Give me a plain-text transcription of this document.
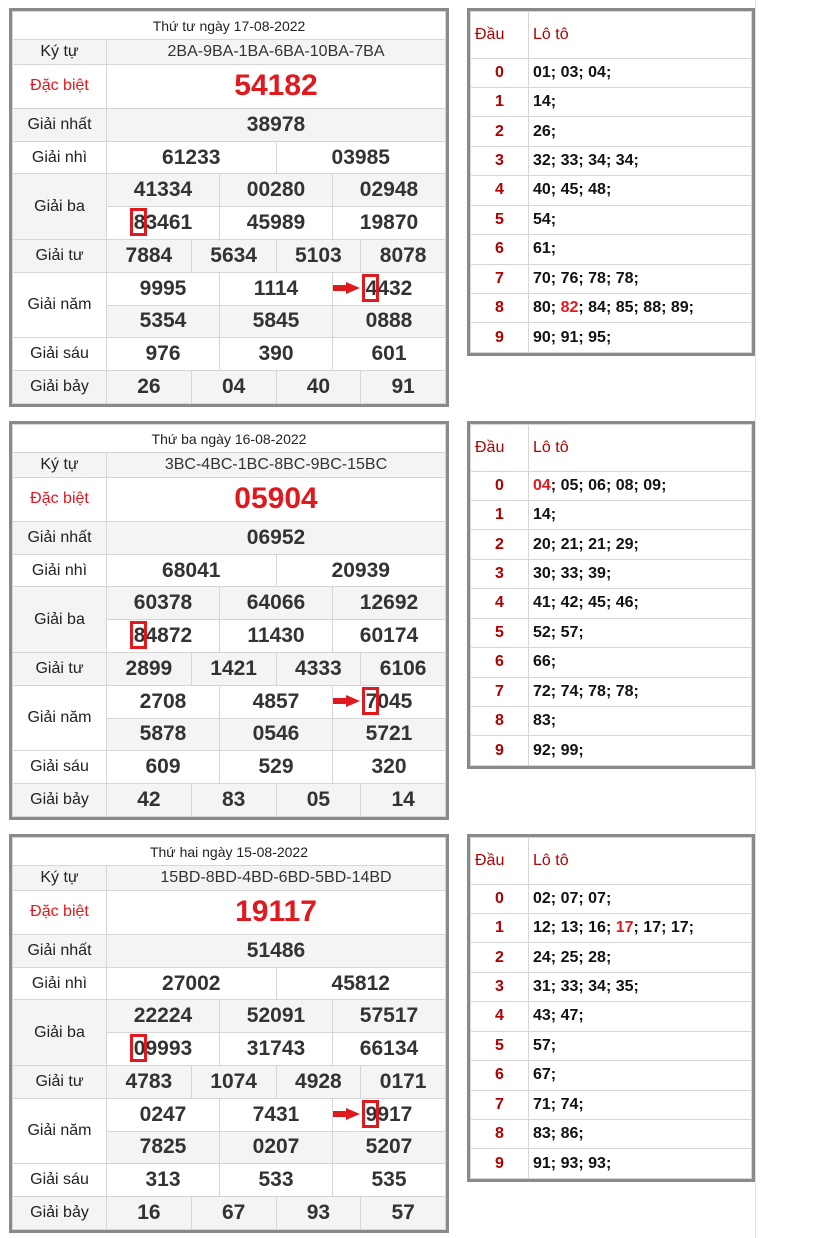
Thứ tư ngày 17-08-2022						
Ký tự	2BA-9BA-1BA-6BA-10BA-7BA					
Đặc biệt	54182					
Giải nhất	38978					
Giải nhì	61233			03985		
Giải ba	41334		00280		02948	

83461		45989		19870	
Giải tư	7884	5634		5103		8078
Giải năm	9995		1114		4432	
	5354		5845		0888	
Giải sáu	976		390		601	
Giải bảy	26	04		40		91
Đầu	Lô tô
0	01; 03; 04;
1	14;
2	26;
3	32; 33; 34; 34;
4	40; 45; 48;
5	54;
6	61;
7	70; 76; 78; 78;
8	80; 82; 84; 85; 88; 89;
9	90; 91; 95;
Thứ ba ngày 16-08-2022						
Ký tự	3BC-4BC-1BC-8BC-9BC-15BC					
Đặc biệt	05904					
Giải nhất	06952					
Giải nhì	68041			20939		
Giải ba	60378		64066		12692	

84872		11430		60174	
Giải tư	2899	1421		4333		6106
Giải năm	2708		4857		7045	
	5878		0546		5721	
Giải sáu	609		529		320	
Giải bảy	42	83		05		14
Đầu	Lô tô
0	04; 05; 06; 08; 09;
1	14;
2	20; 21; 21; 29;
3	30; 33; 39;
4	41; 42; 45; 46;
5	52; 57;
6	66;
7	72; 74; 78; 78;
8	83;
9	92; 99;
Thứ hai ngày 15-08-2022						
Ký tự	15BD-8BD-4BD-6BD-5BD-14BD					
Đặc biệt	19117					
Giải nhất	51486					
Giải nhì	27002			45812		
Giải ba	22224		52091		57517	

09993		31743		66134	
Giải tư	4783	1074		4928		0171
Giải năm	0247		7431		9917	
	7825		0207		5207	
Giải sáu	313		533		535	
Giải bảy	16	67		93		57
Đầu	Lô tô
0	02; 07; 07;
1	12; 13; 16; 17; 17; 17;
2	24; 25; 28;
3	31; 33; 34; 35;
4	43; 47;
5	57;
6	67;
7	71; 74;
8	83; 86;
9	91; 93; 93;
